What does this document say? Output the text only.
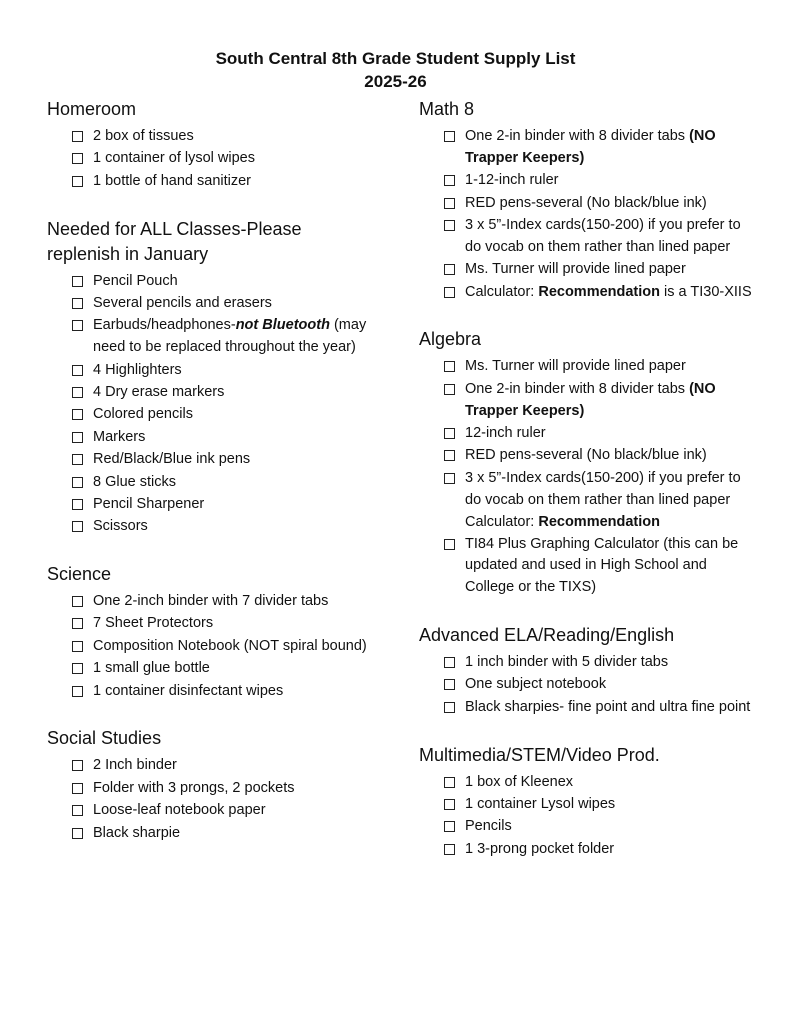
South Central 8th Grade Student Supply List
2025-26
Homeroom
2 box of tissues
1 container of lysol wipes
1 bottle of hand sanitizer
Needed for ALL Classes-Please replenish in January
Pencil Pouch
Several pencils and erasers
Earbuds/headphones-not Bluetooth (may need to be replaced throughout the year)
4 Highlighters
4 Dry erase markers
Colored pencils
Markers
Red/Black/Blue ink pens
8 Glue sticks
Pencil Sharpener
Scissors
Science
One 2-inch binder with 7 divider tabs
7 Sheet Protectors
Composition Notebook (NOT spiral bound)
1 small glue bottle
1 container disinfectant wipes
Social Studies
2 Inch binder
Folder with 3 prongs, 2 pockets
Loose-leaf notebook paper
Black sharpie
Math 8
One 2-in binder with 8 divider tabs (NO Trapper Keepers)
1-12-inch ruler
RED pens-several (No black/blue ink)
3 x 5”-Index cards(150-200) if you prefer to do vocab on them rather than lined paper
Ms. Turner will provide lined paper
Calculator: Recommendation is a TI30-XIIS
Algebra
Ms. Turner will provide lined paper
One 2-in binder with 8 divider tabs (NO Trapper Keepers)
12-inch ruler
RED pens-several (No black/blue ink)
3 x 5”-Index cards(150-200) if you prefer to do vocab on them rather than lined paper
Calculator: Recommendation
TI84 Plus Graphing Calculator (this can be updated and used in High School and College or the TIXS)
Advanced ELA/Reading/English
1 inch binder with 5 divider tabs
One subject notebook
Black sharpies- fine point and ultra fine point
Multimedia/STEM/Video Prod.
1 box of Kleenex
1 container Lysol wipes
Pencils
1 3-prong pocket folder
